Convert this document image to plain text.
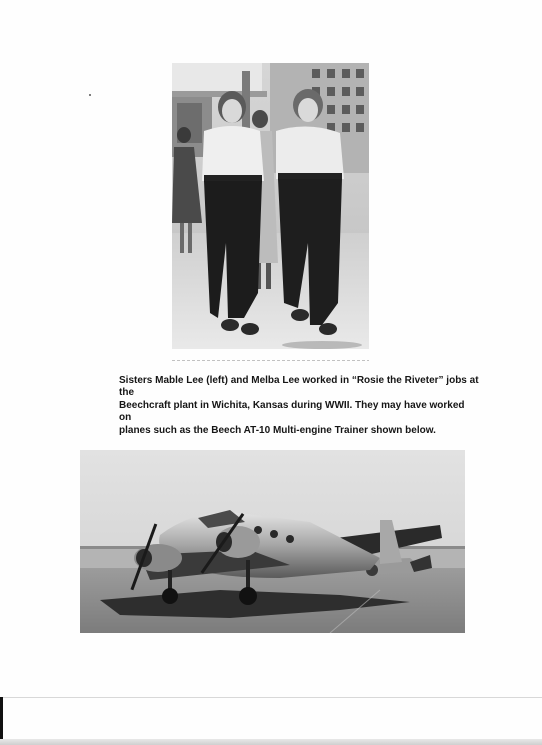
Sisters Mable Lee (left) and Melba Lee worked in “Rosie the Riveter” jobs at the
Beechcraft plant in Wichita, Kansas during WWII. They may have worked on
planes such as the Beech AT-10 Multi-engine Trainer shown below.
